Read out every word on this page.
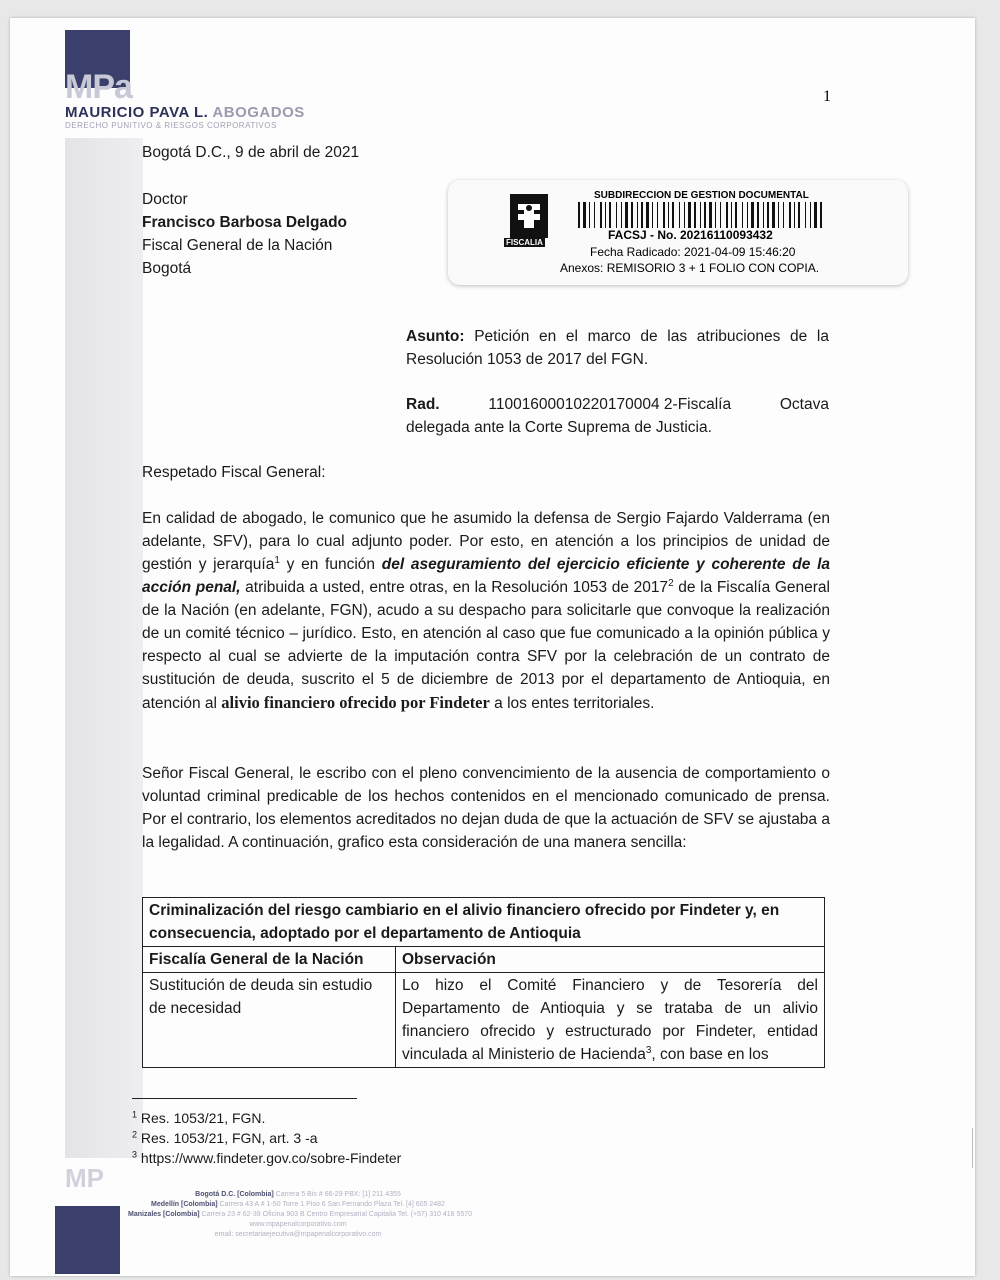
MPa
MAURICIO PAVA L. ABOGADOS
DERECHO PUNITIVO & RIESGOS CORPORATIVOS
1
Bogotá D.C., 9 de abril de 2021
Doctor
Francisco Barbosa Delgado
Fiscal General de la Nación
Bogotá
FISCALIA
SUBDIRECCION DE GESTION DOCUMENTAL
FACSJ - No. 20216110093432
Fecha Radicado: 2021-04-09 15:46:20
Anexos: REMISORIO 3 + 1 FOLIO CON COPIA.
Asunto: Petición en el marco de las atribuciones de la Resolución 1053 de 2017 del FGN.
Rad.	11001600010220170004 2-Fiscalía	Octava
delegada ante la Corte Suprema de Justicia.
Respetado Fiscal General:
En calidad de abogado, le comunico que he asumido la defensa de Sergio Fajardo Valderrama (en adelante, SFV), para lo cual adjunto poder. Por esto, en atención a los principios de unidad de gestión y jerarquía$^1$ y en función del aseguramiento del ejercicio eficiente y coherente de la acción penal, atribuida a usted, entre otras, en la Resolución 1053 de 2017$^2$ de la Fiscalía General de la Nación (en adelante, FGN), acudo a su despacho para solicitarle que convoque la realización de un comité técnico – jurídico. Esto, en atención al caso que fue comunicado a la opinión pública y respecto al cual se advierte de la imputación contra SFV por la celebración de un contrato de sustitución de deuda, suscrito el 5 de diciembre de 2013 por el departamento de Antioquia, en atención al alivio financiero ofrecido por Findeter a los entes territoriales.
Señor Fiscal General, le escribo con el pleno convencimiento de la ausencia de comportamiento o voluntad criminal predicable de los hechos contenidos en el mencionado comunicado de prensa. Por el contrario, los elementos acreditados no dejan duda de que la actuación de SFV se ajustaba a la legalidad. A continuación, grafico esta consideración de una manera sencilla:
Criminalización del riesgo cambiario en el alivio financiero ofrecido por Findeter y, en consecuencia, adoptado por el departamento de Antioquia	
Fiscalía General de la Nación	Observación
Sustitución de deuda sin estudio de necesidad	Lo hizo el Comité Financiero y de Tesorería del Departamento de Antioquia y se trataba de un alivio financiero ofrecido y estructurado por Findeter, entidad vinculada al Ministerio de Hacienda$^3$, con base en los
$^1$ Res. 1053/21, FGN.
$^2$ Res. 1053/21, FGN, art. 3 -a
$^3$ https://www.findeter.gov.co/sobre-Findeter
MP
Bogotá D.C. [Colombia] Carrera 5 Bis # 66-29 PBX: [1] 211 4355
Medellín [Colombia] Carrera 43 A # 1-50 Torre 1 Piso 6 San Fernando Plaza Tel. [4] 605 2482
Manizales [Colombia] Carrera 23 # 62-39 Oficina 903 B Centro Empresarial Capitalia Tel. (+57) 310 418 5570
www.mpapenalcorporativo.com
email: secretariaejecutiva@mpapenalcorporativo.com
